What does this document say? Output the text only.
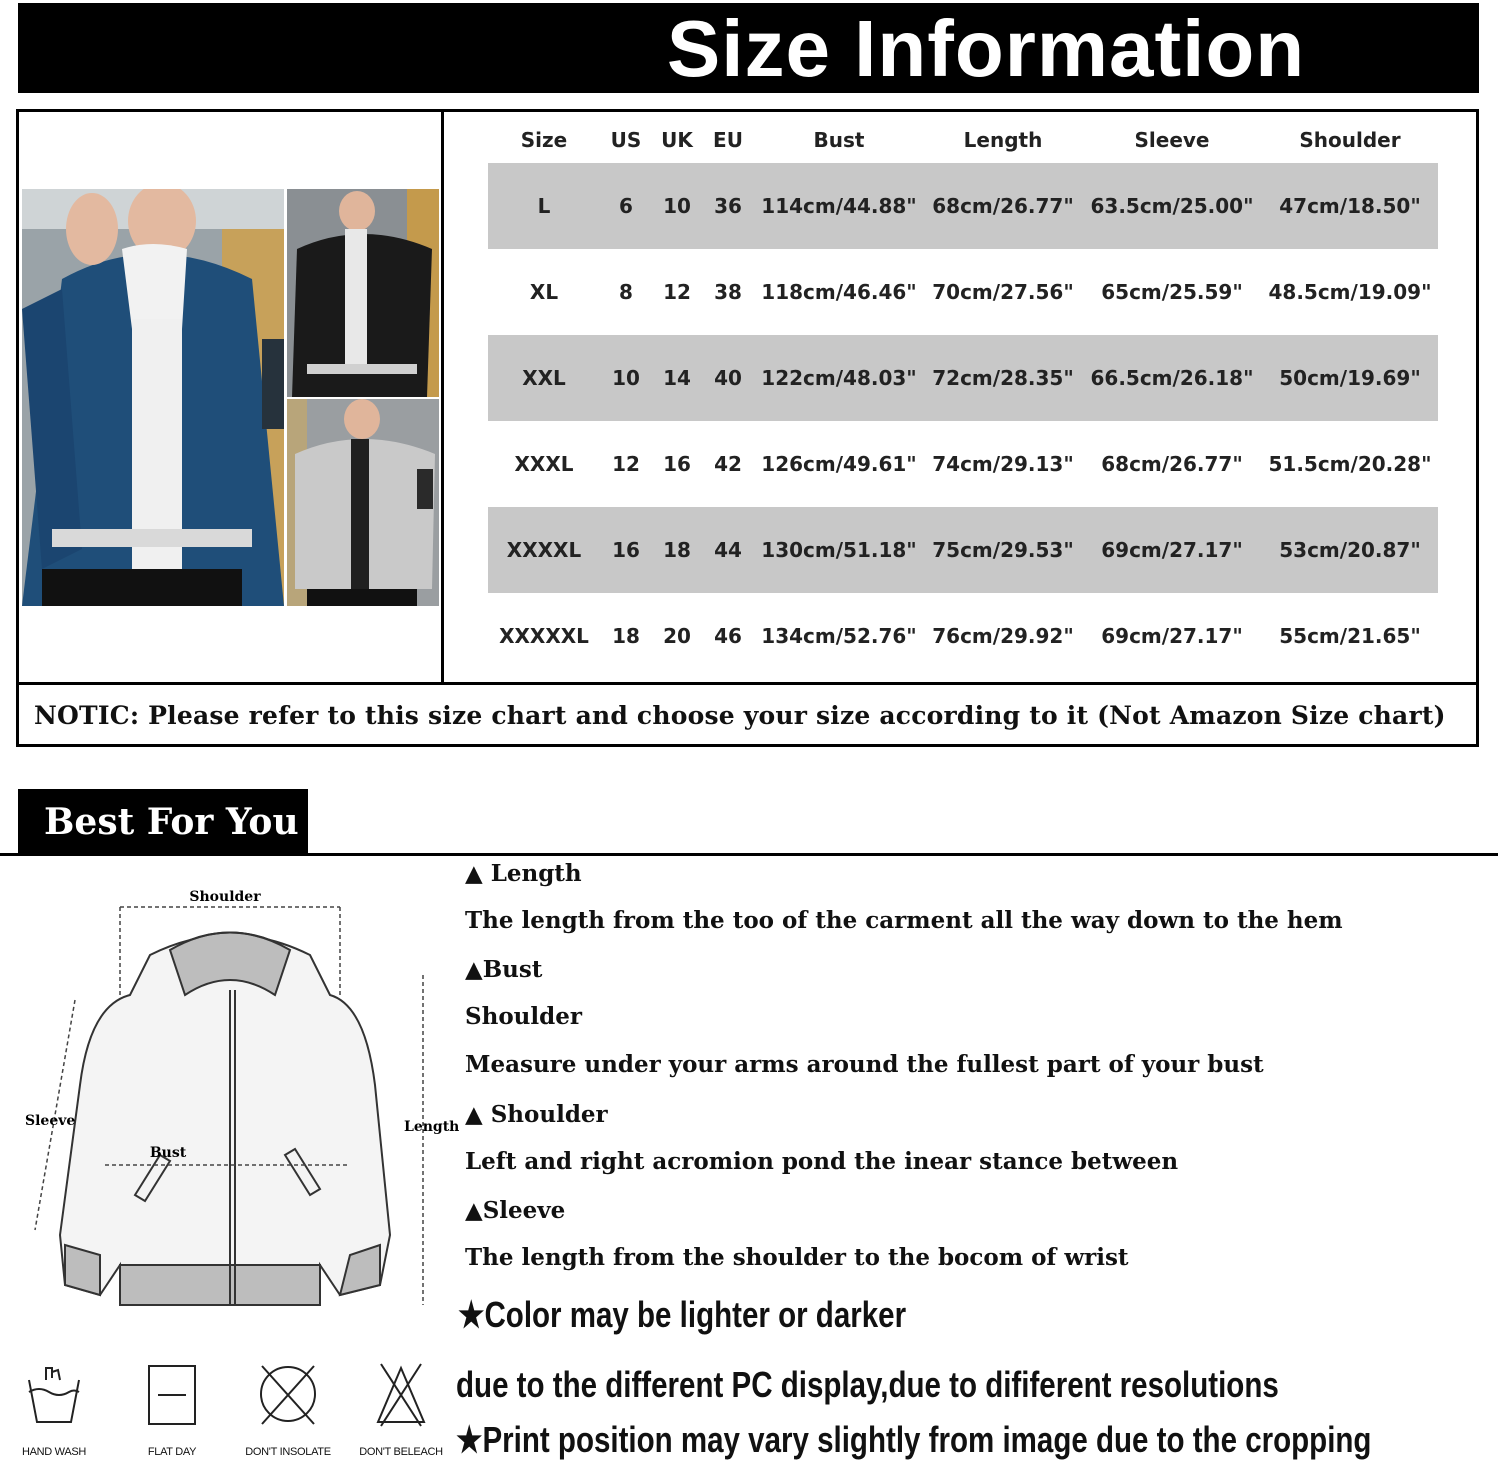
Size Information
Size US UK EU	Bust	Length	Sleeve	Shoulder
L	6 10 36 114cm/44.88" 68cm/26.77" 63.5cm/25.00" 47cm/18.50"
XL	8 12 38 118cm/46.46" 70cm/27.56" 65cm/25.59" 48.5cm/19.09"
XXL 10 14 40 122cm/48.03" 72cm/28.35" 66.5cm/26.18" 50cm/19.69"
XXXL 12 16 42 126cm/49.61" 74cm/29.13" 68cm/26.77" 51.5cm/20.28"
XXXXL 16 18 44 130cm/51.18" 75cm/29.53" 69cm/27.17" 53cm/20.87"
XXXXXL 18 20 46 134cm/52.76" 76cm/29.92" 69cm/27.17" 55cm/21.65"
NOTIC: Please refer to this size chart and choose your size according to it (Not Amazon Size chart)
Best For You
▲ Length
The length from the too of the carment all the way down to the hem
▲Bust
Shoulder
Measure under your arms around the fullest part of your bust
▲ Shoulder
Left and right acromion pond the inear stance between
▲Sleeve
The length from the shoulder to the bocom of wrist
★Color may be lighter or darker
due to the different PC display,due to dififerent resolutions
★Print position may vary slightly from image due to the cropping
Shoulder
Sleeve
Bust
Length
HAND WASH	FLAT DAY	DON'T INSOLATE	DON'T BELEACH
